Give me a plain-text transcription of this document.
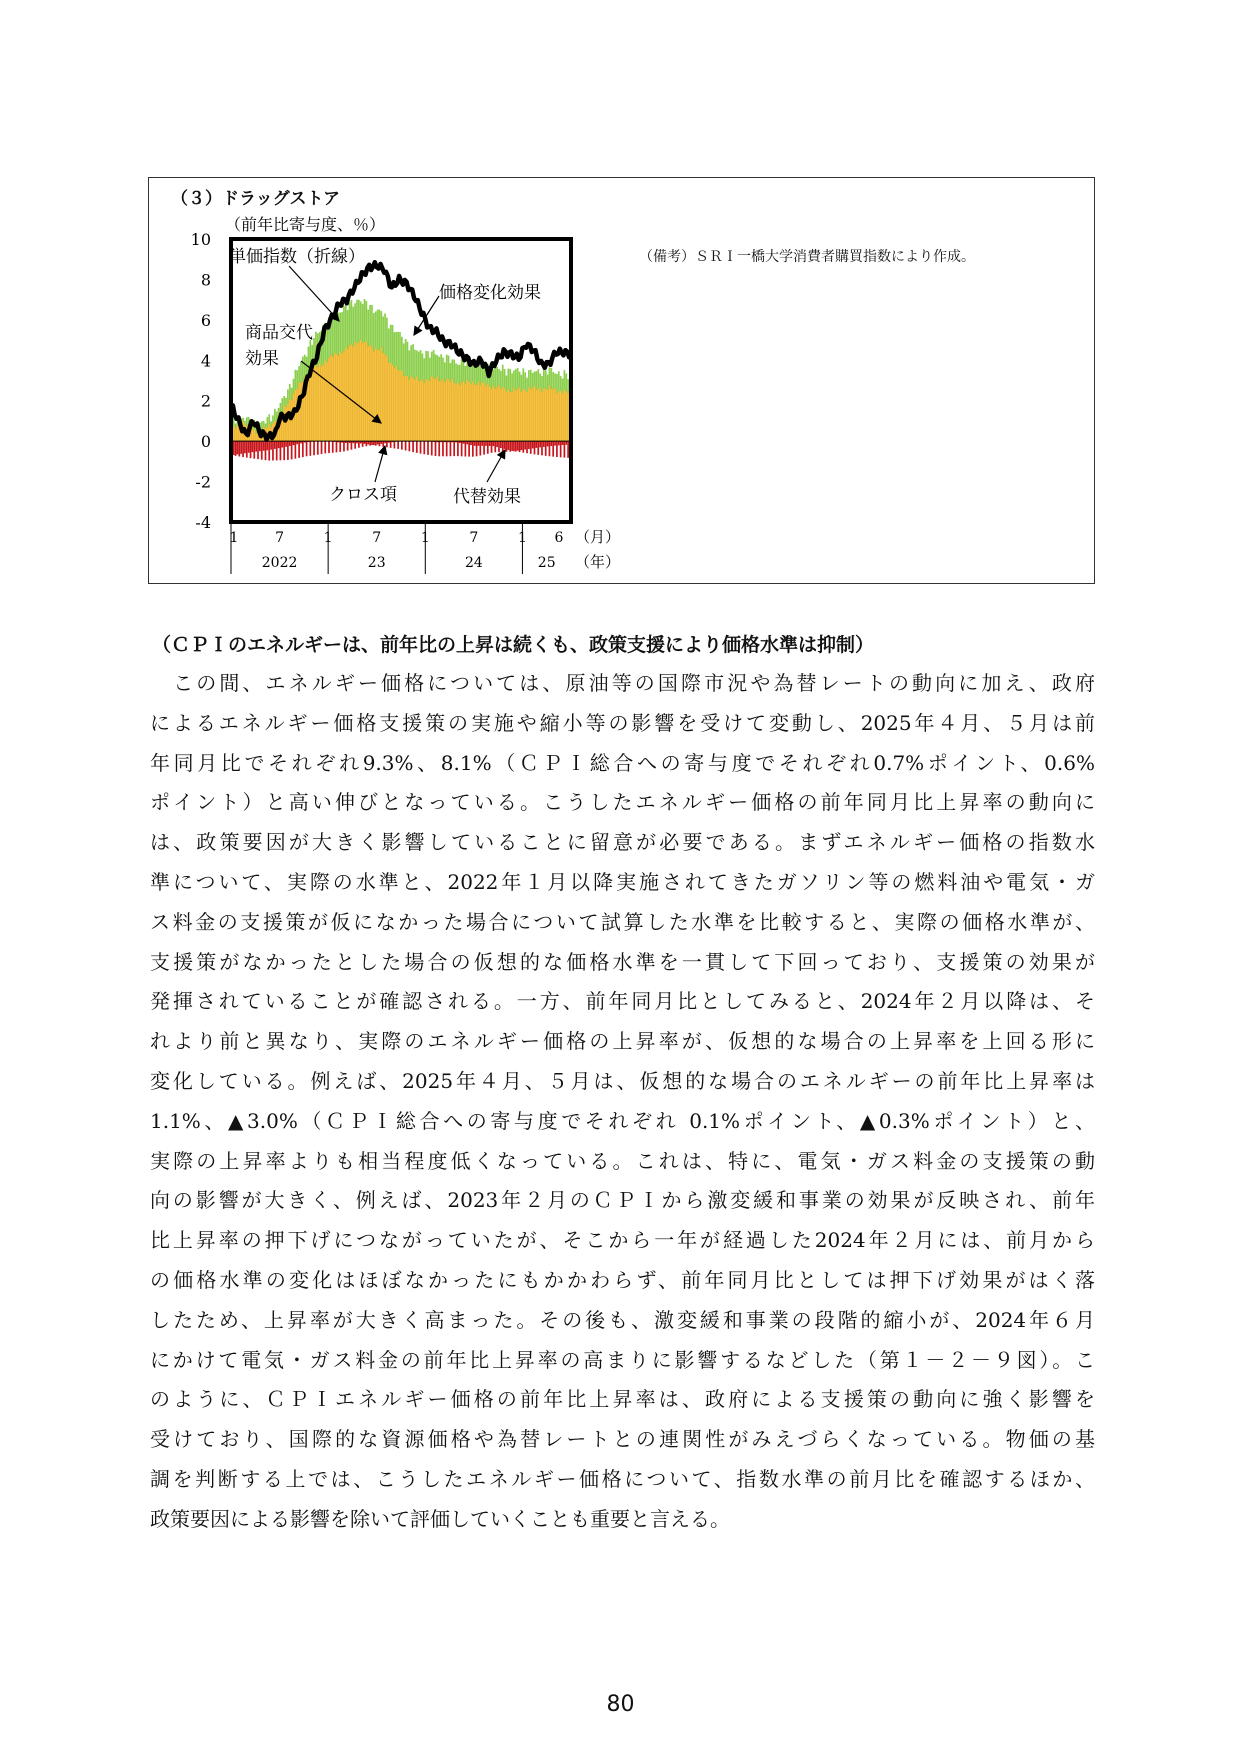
（３）ドラッグストア
（備考）ＳＲＩ一橋大学消費者購買指数により作成。
（前年比寄与度、％）
10
8
6
4
2
0
-2
-4
単価指数（折線）
価格変化効果
商品交代
効果
クロス項	代替効果
1	7	1	7	1	7	1 6
2022	23	24	25
（月）
（年）
（ＣＰＩのエネルギーは、前年比の上昇は続くも、政策支援により価格水準は抑制）
　この間、エネルギー価格については、原油等の国際市況や為替レートの動向に加え、政府
によるエネルギー価格支援策の実施や縮小等の影響を受けて変動し、2025年４月、５月は前
年同月比でそれぞれ9.3%、8.1%（ＣＰＩ総合への寄与度でそれぞれ0.7%ポイント、0.6%
ポイント）と高い伸びとなっている。こうしたエネルギー価格の前年同月比上昇率の動向に
は、政策要因が大きく影響していることに留意が必要である。まずエネルギー価格の指数水
準について、実際の水準と、2022年１月以降実施されてきたガソリン等の燃料油や電気・ガ
ス料金の支援策が仮になかった場合について試算した水準を比較すると、実際の価格水準が、
支援策がなかったとした場合の仮想的な価格水準を一貫して下回っており、支援策の効果が
発揮されていることが確認される。一方、前年同月比としてみると、2024年２月以降は、そ
れより前と異なり、実際のエネルギー価格の上昇率が、仮想的な場合の上昇率を上回る形に
変化している。例えば、2025年４月、５月は、仮想的な場合のエネルギーの前年比上昇率は
1.1%、▲3.0%（ＣＰＩ総合への寄与度でそれぞれ 0.1%ポイント、▲0.3%ポイント）と、
実際の上昇率よりも相当程度低くなっている。これは、特に、電気・ガス料金の支援策の動
向の影響が大きく、例えば、2023年２月のＣＰＩから激変緩和事業の効果が反映され、前年
比上昇率の押下げにつながっていたが、そこから一年が経過した2024年２月には、前月から
の価格水準の変化はほぼなかったにもかかわらず、前年同月比としては押下げ効果がはく落
したため、上昇率が大きく高まった。その後も、激変緩和事業の段階的縮小が、2024年６月
にかけて電気・ガス料金の前年比上昇率の高まりに影響するなどした（第１－２－９図）。こ
のように、ＣＰＩエネルギー価格の前年比上昇率は、政府による支援策の動向に強く影響を
受けており、国際的な資源価格や為替レートとの連関性がみえづらくなっている。物価の基
調を判断する上では、こうしたエネルギー価格について、指数水準の前月比を確認するほか、
政策要因による影響を除いて評価していくことも重要と言える。
80
